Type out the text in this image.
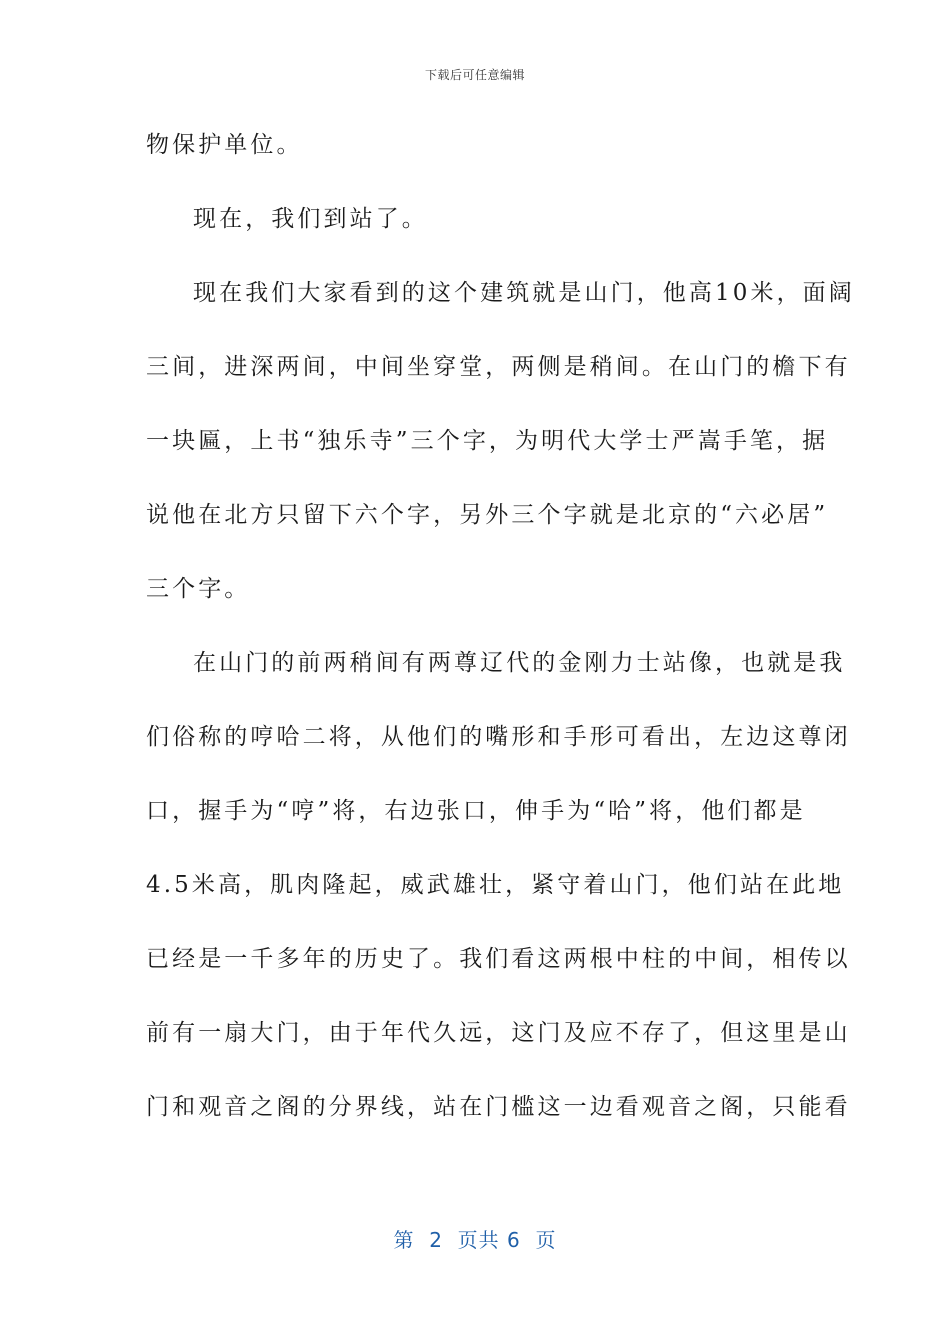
下载后可任意编辑
物保护单位。
现在，我们到站了。
现在我们大家看到的这个建筑就是山门，他高10米，面阔
三间，进深两间，中间坐穿堂，两侧是稍间。在山门的檐下有
一块匾，上书“独乐寺”三个字，为明代大学士严嵩手笔，据
说他在北方只留下六个字，另外三个字就是北京的“六必居”
三个字。
在山门的前两稍间有两尊辽代的金刚力士站像，也就是我
们俗称的哼哈二将，从他们的嘴形和手形可看出，左边这尊闭
口，握手为“哼”将，右边张口，伸手为“哈”将，他们都是
4.5米高，肌肉隆起，威武雄壮，紧守着山门，他们站在此地
已经是一千多年的历史了。我们看这两根中柱的中间，相传以
前有一扇大门，由于年代久远，这门及应不存了，但这里是山
门和观音之阁的分界线，站在门槛这一边看观音之阁，只能看
第  2  页共 6  页
